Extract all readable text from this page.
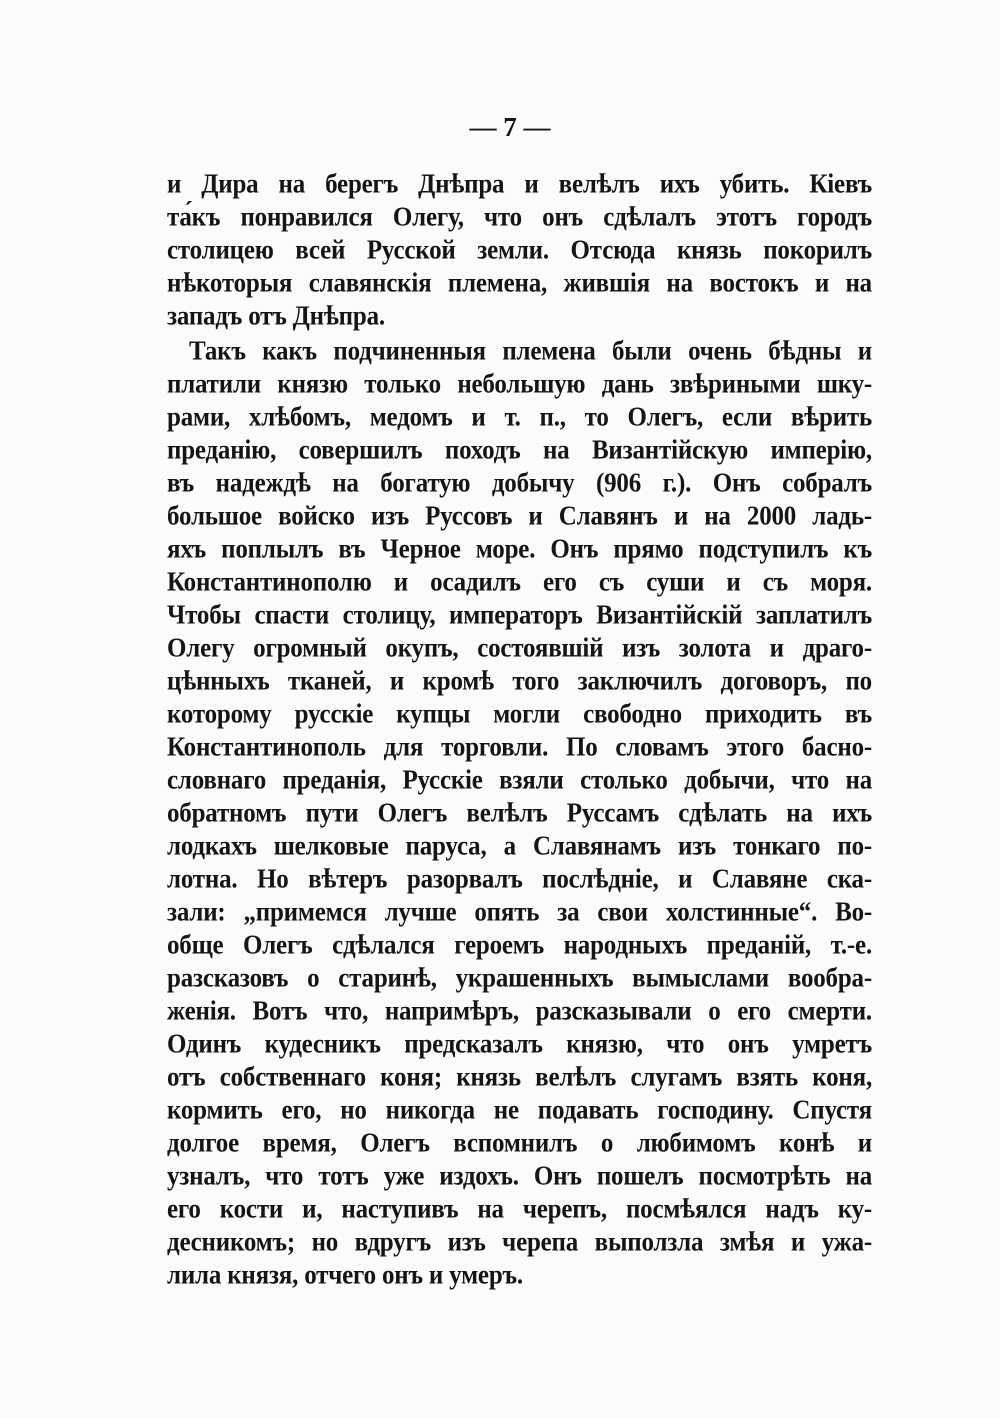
— 7 —
и Дира на берегъ Днѣпра и велѣлъ ихъ убить. Кіевъ
та́къ понравился Олегу, что онъ сдѣлалъ этотъ городъ
столицею всей Русской земли. Отсюда князь покорилъ
нѣкоторыя славянскія племена, жившія на востокъ и на
западъ отъ Днѣпра.
Такъ какъ подчиненныя племена были очень бѣдны и
платили князю только небольшую дань звѣриными шку-
рами, хлѣбомъ, медомъ и т. п., то Олегъ, если вѣрить
преданію, совершилъ походъ на Византійскую имперію,
въ надеждѣ на богатую добычу (906 г.). Онъ собралъ
большое войско изъ Руссовъ и Славянъ и на 2000 ладь-
яхъ поплылъ въ Черное море. Онъ прямо подступилъ къ
Константинополю и осадилъ его съ суши и съ моря.
Чтобы спасти столицу, императоръ Византійскій заплатилъ
Олегу огромный окупъ, состоявшій изъ золота и драго-
цѣнныхъ тканей, и кромѣ того заключилъ договоръ, по
которому русскіе купцы могли свободно приходить въ
Константинополь для торговли. По словамъ этого басно-
словнаго преданія, Русскіе взяли столько добычи, что на
обратномъ пути Олегъ велѣлъ Руссамъ сдѣлать на ихъ
лодкахъ шелковые паруса, а Славянамъ изъ тонкаго по-
лотна. Но вѣтеръ разорвалъ послѣдніе, и Славяне ска-
зали: „примемся лучше опять за свои холстинные“. Во-
обще Олегъ сдѣлался героемъ народныхъ преданій, т.-е.
разсказовъ о старинѣ, украшенныхъ вымыслами вообра-
женія. Вотъ что, напримѣръ, разсказывали о его смерти.
Одинъ кудесникъ предсказалъ князю, что онъ умретъ
отъ собственнаго коня; князь велѣлъ слугамъ взять коня,
кормить его, но никогда не подавать господину. Спустя
долгое время, Олегъ вспомнилъ о любимомъ конѣ и
узналъ, что тотъ уже издохъ. Онъ пошелъ посмотрѣть на
его кости и, наступивъ на черепъ, посмѣялся надъ ку-
десникомъ; но вдругъ изъ черепа выползла змѣя и ужа-
лила князя, отчего онъ и умеръ.
